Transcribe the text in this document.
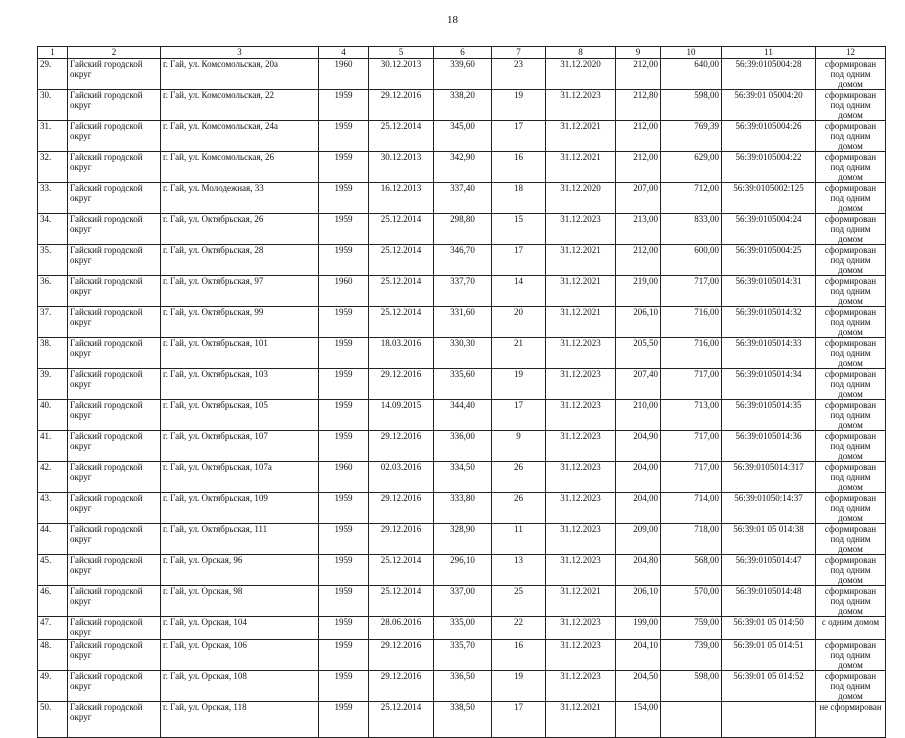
18
1	2	3	4	5	6	7	8	9	10	11	12
29.	Гайский городской округ	г. Гай, ул. Комсомольская, 20а	1960	30.12.2013	339,60	23	31.12.2020	212,00	640,00	56:39:0105004:28	сформирован под одним домом
30.	Гайский городской округ	г. Гай, ул. Комсомольская, 22	1959	29.12.2016	338,20	19	31.12.2023	212,80	598,00	56:39:01 05004:20	сформирован под одним домом
31.	Гайский городской округ	г. Гай, ул. Комсомольская, 24а	1959	25.12.2014	345,00	17	31.12.2021	212,00	769,39	56:39:0105004:26	сформирован под одним домом
32.	Гайский городской округ	г. Гай, ул. Комсомольская, 26	1959	30.12.2013	342,90	16	31.12.2021	212,00	629,00	56:39:0105004:22	сформирован под одним домом
33.	Гайский городской округ	г. Гай, ул. Молодежная, 33	1959	16.12.2013	337,40	18	31.12.2020	207,00	712,00	56:39:0105002:125	сформирован под одним домом
34.	Гайский городской округ	г. Гай, ул. Октябрьская, 26	1959	25.12.2014	298,80	15	31.12.2023	213,00	833,00	56:39:0105004:24	сформирован под одним домом
35.	Гайский городской округ	г. Гай, ул. Октябрьская, 28	1959	25.12.2014	346,70	17	31.12.2021	212,00	600,00	56:39:0105004:25	сформирован под одним домом
36.	Гайский городской округ	г. Гай, ул. Октябрьская, 97	1960	25.12.2014	337,70	14	31.12.2021	219,00	717,00	56:39:0105014:31	сформирован под одним домом
37.	Гайский городской округ	г. Гай, ул. Октябрьская, 99	1959	25.12.2014	331,60	20	31.12.2021	206,10	716,00	56:39:0105014:32	сформирован под одним домом
38.	Гайский городской округ	г. Гай, ул. Октябрьская, 101	1959	18.03.2016	330,30	21	31.12.2023	205,50	716,00	56:39:0105014:33	сформирован под одним домом
39.	Гайский городской округ	г. Гай, ул. Октябрьская, 103	1959	29.12.2016	335,60	19	31.12.2023	207,40	717,00	56:39:0105014:34	сформирован под одним домом
40.	Гайский городской округ	г. Гай, ул. Октябрьская, 105	1959	14.09.2015	344,40	17	31.12.2023	210,00	713,00	56:39:0105014:35	сформирован под одним домом
41.	Гайский городской округ	г. Гай, ул. Октябрьская, 107	1959	29.12.2016	336,00	9	31.12.2023	204,90	717,00	56:39:0105014:36	сформирован под одним домом
42.	Гайский городской округ	г. Гай, ул. Октябрьская, 107а	1960	02.03.2016	334,50	26	31.12.2023	204,00	717,00	56:39:0105014:317	сформирован под одним домом
43.	Гайский городской округ	г. Гай, ул. Октябрьская, 109	1959	29.12.2016	333,80	26	31.12.2023	204,00	714,00	56:39:01050:14:37	сформирован под одним домом
44.	Гайский городской округ	г. Гай, ул. Октябрьская, 111	1959	29.12.2016	328,90	11	31.12.2023	209,00	718,00	56:39:01 05 014:38	сформирован под одним домом
45.	Гайский городской округ	г. Гай, ул. Орская, 96	1959	25.12.2014	296,10	13	31.12.2023	204,80	568,00	56:39:0105014:47	сформирован под одним домом
46.	Гайский городской округ	г. Гай, ул. Орская, 98	1959	25.12.2014	337,00	25	31.12.2021	206,10	570,00	56:39:0105014:48	сформирован под одним домом
47.	Гайский городской округ	г. Гай, ул. Орская, 104	1959	28.06.2016	335,00	22	31.12.2023	199,00	759,00	56:39:01 05 014:50	с одним домом
48.	Гайский городской округ	г. Гай, ул. Орская, 106	1959	29.12.2016	335,70	16	31.12.2023	204,10	739,00	56:39:01 05 014:51	сформирован под одним домом
49.	Гайский городской округ	г. Гай, ул. Орская, 108	1959	29.12.2016	336,50	19	31.12.2023	204,50	598,00	56:39:01 05 014:52	сформирован под одним домом
50.	Гайский городской округ	г. Гай, ул. Орская, 118	1959	25.12.2014	338,50	17	31.12.2021	154,00			не сформирован
